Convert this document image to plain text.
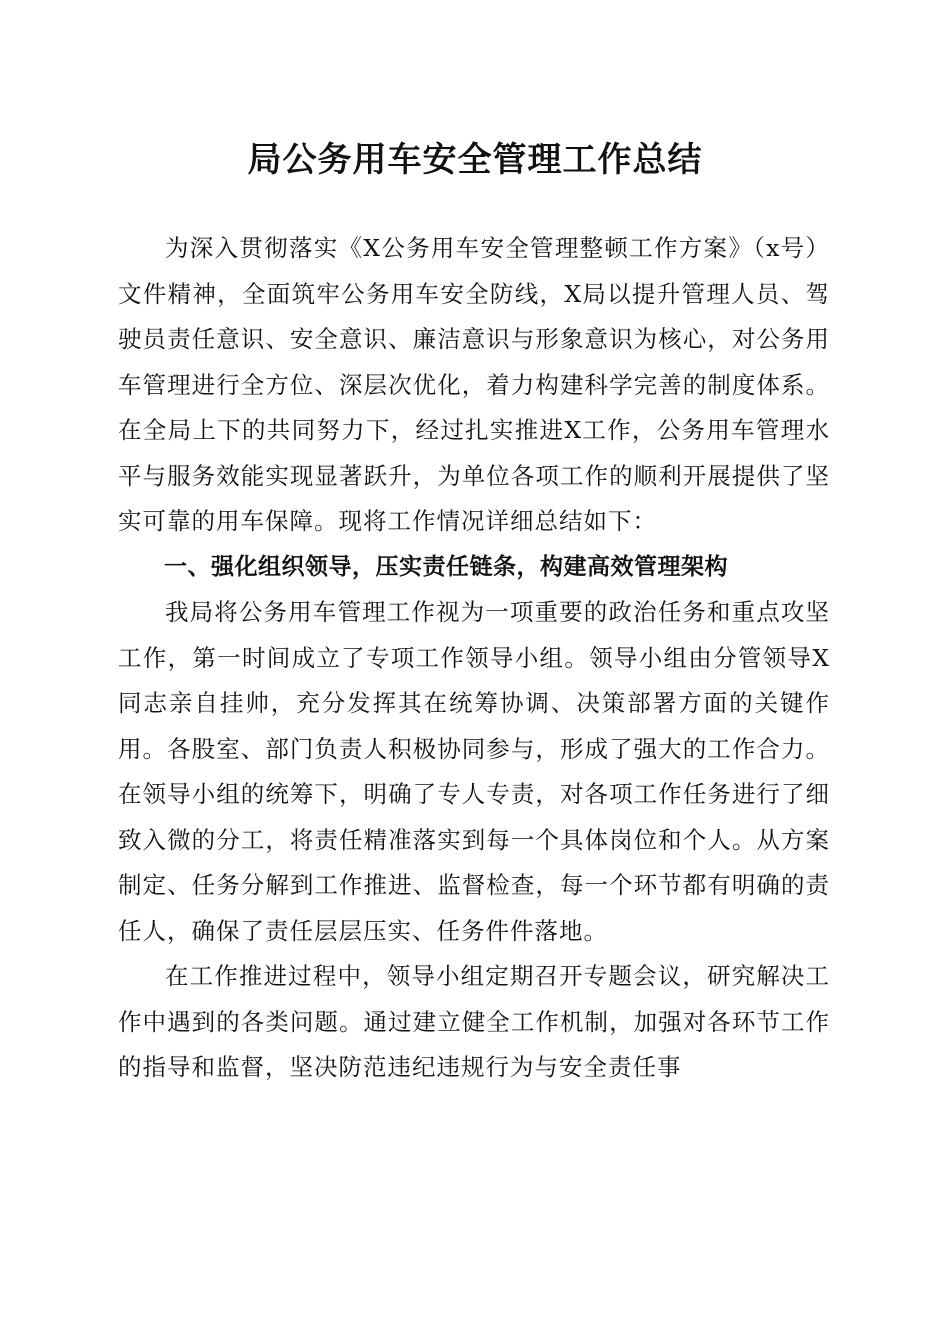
局公务用车安全管理工作总结

为深入贯彻落实《X公务用车安全管理整顿工作方案》（x号）文件精神，全面筑牢公务用车安全防线，X局以提升管理人员、驾驶员责任意识、安全意识、廉洁意识与形象意识为核心，对公务用车管理进行全方位、深层次优化，着力构建科学完善的制度体系。在全局上下的共同努力下，经过扎实推进X工作，公务用车管理水平与服务效能实现显著跃升，为单位各项工作的顺利开展提供了坚实可靠的用车保障。现将工作情况详细总结如下：

一、强化组织领导，压实责任链条，构建高效管理架构

我局将公务用车管理工作视为一项重要的政治任务和重点攻坚工作，第一时间成立了专项工作领导小组。领导小组由分管领导X同志亲自挂帅，充分发挥其在统筹协调、决策部署方面的关键作用。各股室、部门负责人积极协同参与，形成了强大的工作合力。在领导小组的统筹下，明确了专人专责，对各项工作任务进行了细致入微的分工，将责任精准落实到每一个具体岗位和个人。从方案制定、任务分解到工作推进、监督检查，每一个环节都有明确的责任人，确保了责任层层压实、任务件件落地。

在工作推进过程中，领导小组定期召开专题会议，研究解决工作中遇到的各类问题。通过建立健全工作机制，加强对各环节工作的指导和监督，坚决防范违纪违规行为与安全责任事
